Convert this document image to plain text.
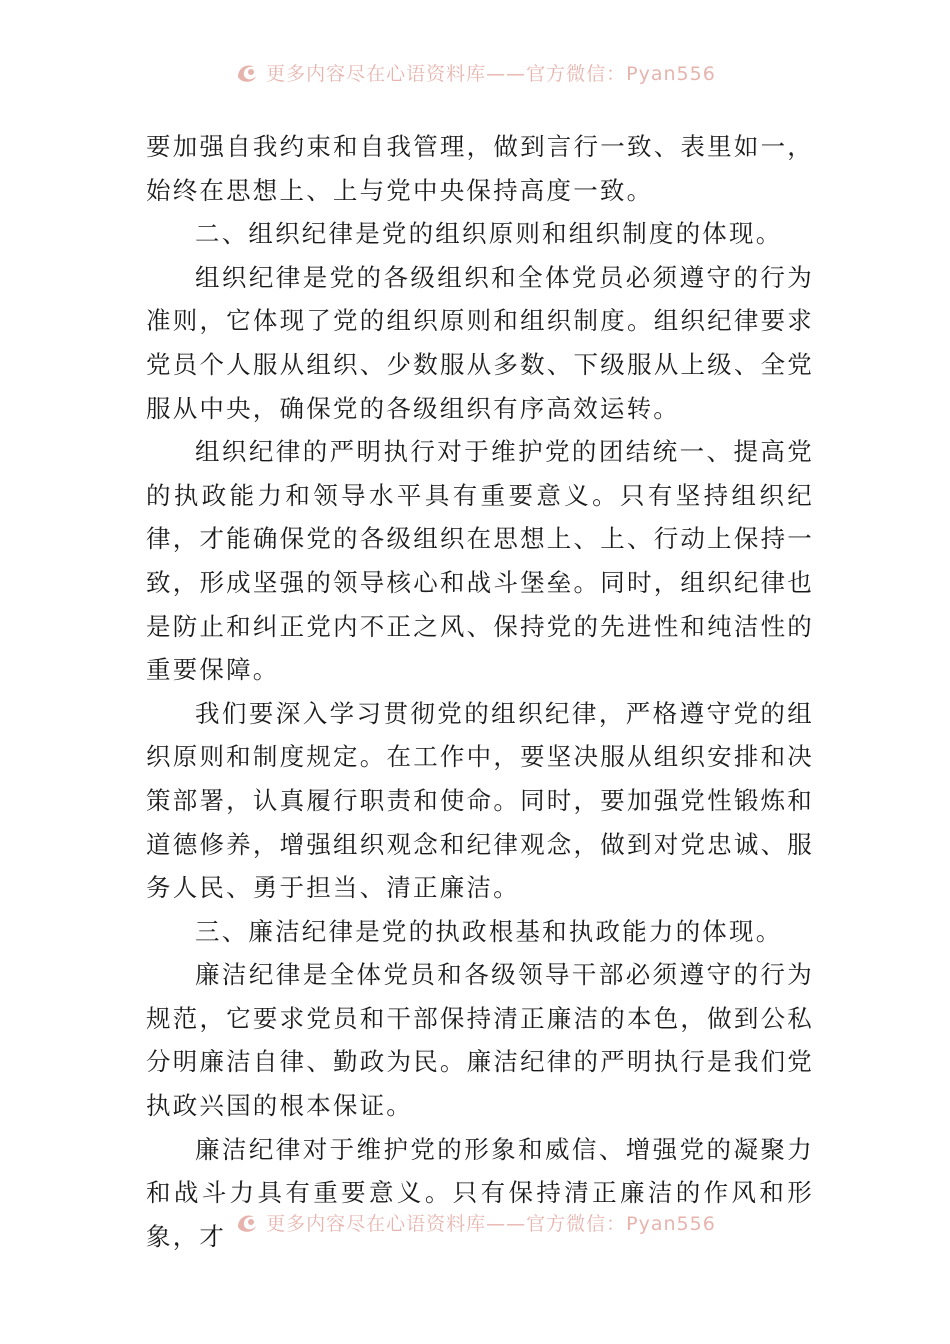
更多内容尽在心语资料库——官方微信：Pyan556

要加强自我约束和自我管理，做到言行一致、表里如一，始终在思想上、上与党中央保持高度一致。

二、组织纪律是党的组织原则和组织制度的体现。

组织纪律是党的各级组织和全体党员必须遵守的行为准则，它体现了党的组织原则和组织制度。组织纪律要求党员个人服从组织、少数服从多数、下级服从上级、全党服从中央，确保党的各级组织有序高效运转。

组织纪律的严明执行对于维护党的团结统一、提高党的执政能力和领导水平具有重要意义。只有坚持组织纪律，才能确保党的各级组织在思想上、上、行动上保持一致，形成坚强的领导核心和战斗堡垒。同时，组织纪律也是防止和纠正党内不正之风、保持党的先进性和纯洁性的重要保障。

我们要深入学习贯彻党的组织纪律，严格遵守党的组织原则和制度规定。在工作中，要坚决服从组织安排和决策部署，认真履行职责和使命。同时，要加强党性锻炼和道德修养，增强组织观念和纪律观念，做到对党忠诚、服务人民、勇于担当、清正廉洁。

三、廉洁纪律是党的执政根基和执政能力的体现。

廉洁纪律是全体党员和各级领导干部必须遵守的行为规范，它要求党员和干部保持清正廉洁的本色，做到公私分明廉洁自律、勤政为民。廉洁纪律的严明执行是我们党执政兴国的根本保证。

廉洁纪律对于维护党的形象和威信、增强党的凝聚力和战斗力具有重要意义。只有保持清正廉洁的作风和形象，才	更多内容尽在心语资料库——官方微信：Pyan556
